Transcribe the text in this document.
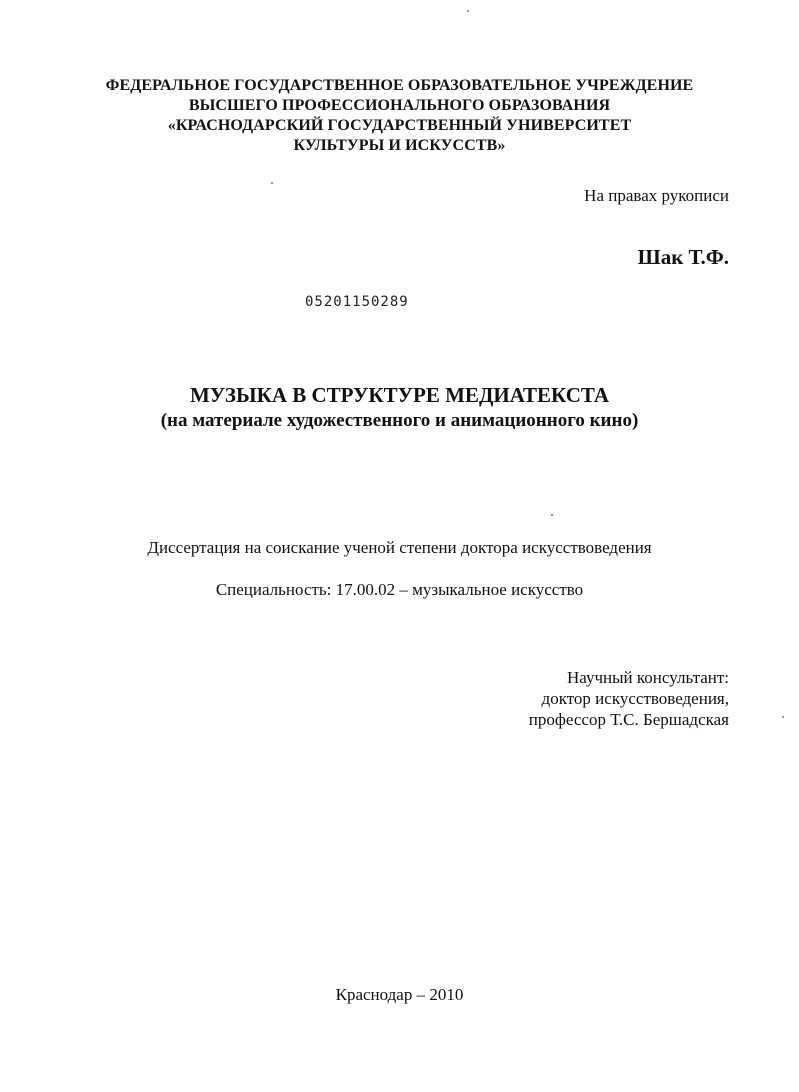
ФЕДЕРАЛЬНОЕ ГОСУДАРСТВЕННОЕ ОБРАЗОВАТЕЛЬНОЕ УЧРЕЖДЕНИЕ
ВЫСШЕГО ПРОФЕССИОНАЛЬНОГО ОБРАЗОВАНИЯ
«КРАСНОДАРСКИЙ ГОСУДАРСТВЕННЫЙ УНИВЕРСИТЕТ
КУЛЬТУРЫ И ИСКУССТВ»
На правах рукописи
Шак Т.Ф.
05201150289
МУЗЫКА В СТРУКТУРЕ МЕДИАТЕКСТА
(на материале художественного и анимационного кино)
Диссертация на соискание ученой степени доктора искусствоведения
Специальность: 17.00.02 – музыкальное искусство
Научный консультант:
доктор искусствоведения,
профессор Т.С. Бершадская
Краснодар – 2010
